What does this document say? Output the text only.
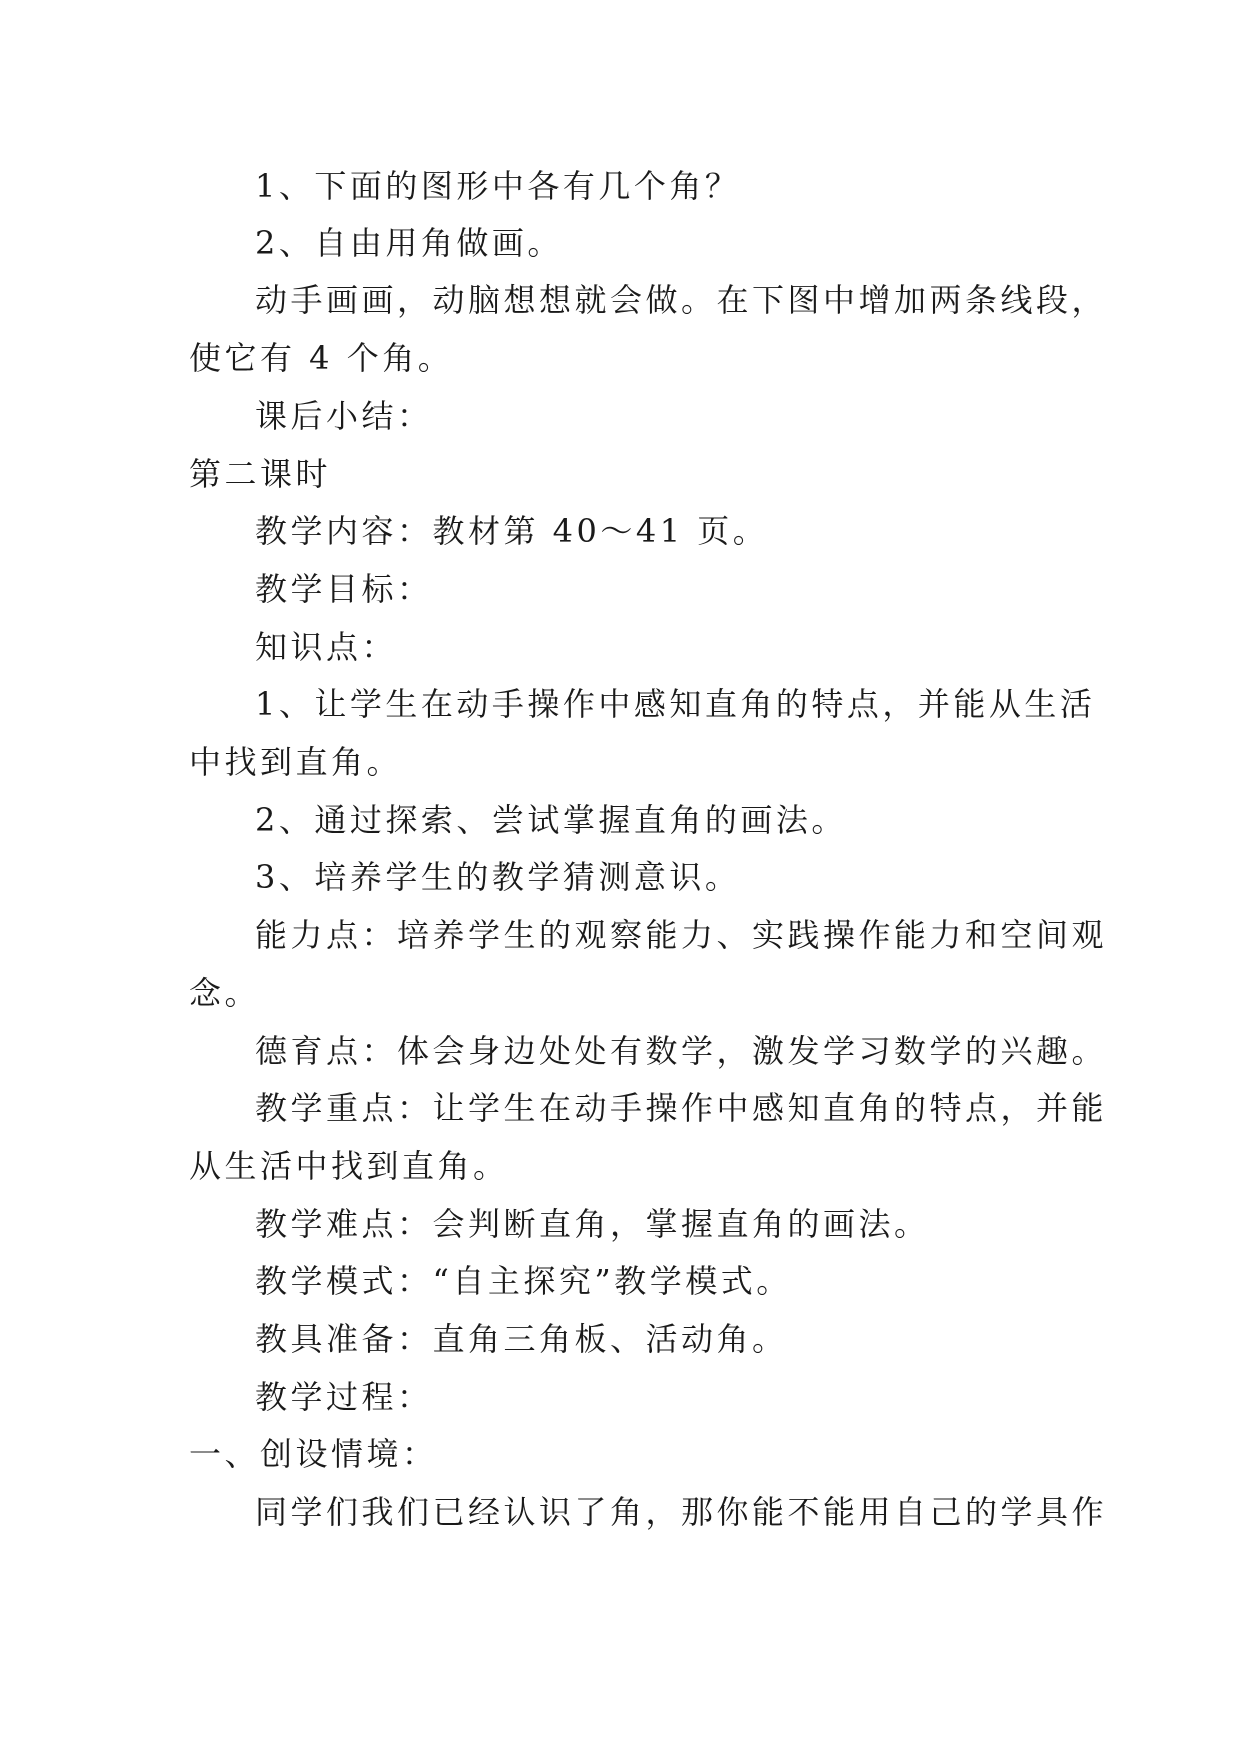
1、下面的图形中各有几个角？
2、自由用角做画。
动手画画，动脑想想就会做。在下图中增加两条线段，
使它有 4 个角。
课后小结：
第二课时
教学内容：教材第 40～41 页。
教学目标：
知识点：
1、让学生在动手操作中感知直角的特点，并能从生活
中找到直角。
2、通过探索、尝试掌握直角的画法。
3、培养学生的教学猜测意识。
能力点：培养学生的观察能力、实践操作能力和空间观
念。
德育点：体会身边处处有数学，激发学习数学的兴趣。
教学重点：让学生在动手操作中感知直角的特点，并能
从生活中找到直角。
教学难点：会判断直角，掌握直角的画法。
教学模式：“自主探究”教学模式。
教具准备：直角三角板、活动角。
教学过程：
一、创设情境：
同学们我们已经认识了角，那你能不能用自己的学具作
